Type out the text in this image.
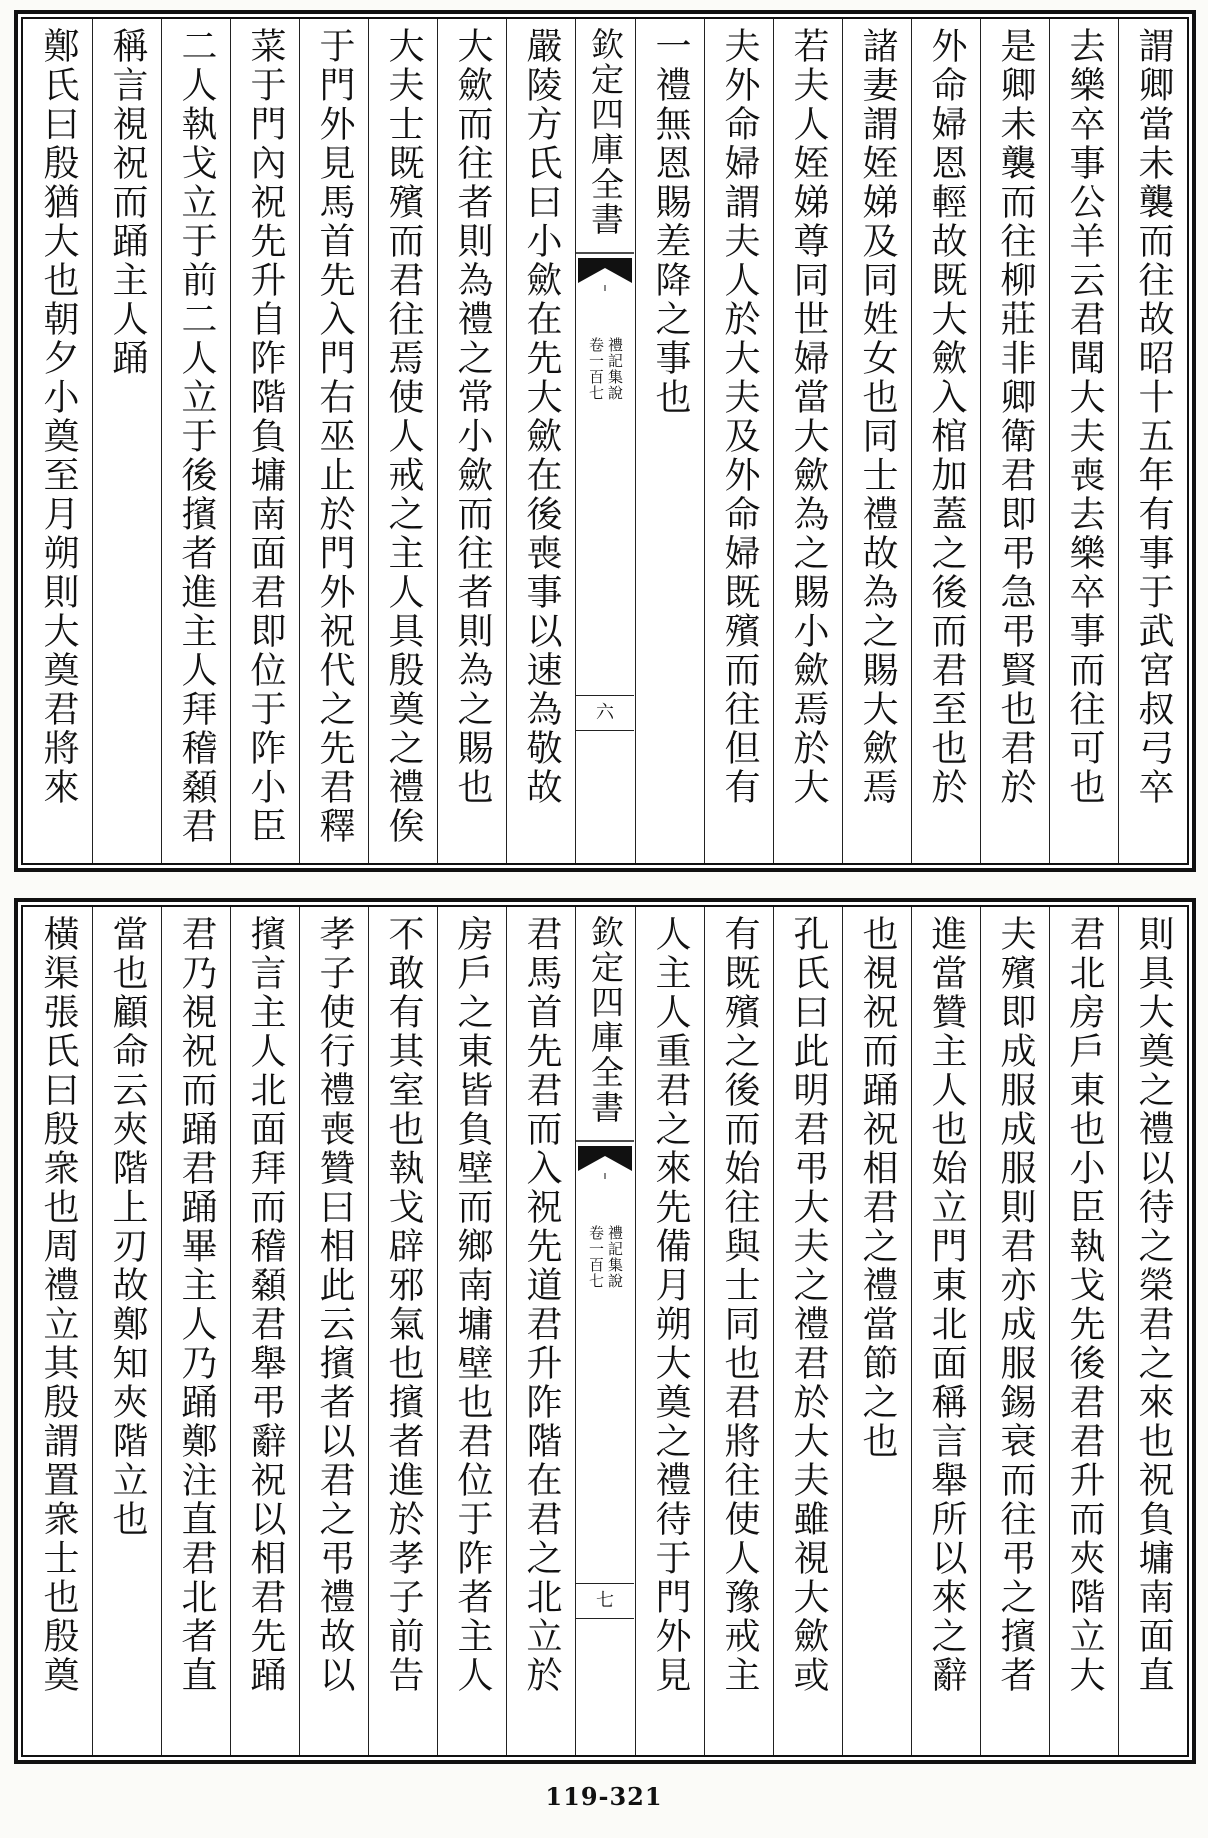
謂卿當未襲而往故昭十五年有事于武宮叔弓卒
去樂卒事公羊云君聞大夫喪去樂卒事而往可也
是卿未襲而往柳莊非卿衛君即弔急弔賢也君於
外命婦恩輕故既大歛入棺加蓋之後而君至也於
諸妻謂姪娣及同姓女也同士禮故為之賜大歛焉
若夫人姪娣尊同世婦當大歛為之賜小歛焉於大
夫外命婦謂夫人於大夫及外命婦既殯而往但有
一禮無恩賜差降之事也
欽定四庫全書
禮記集說
卷一百七
六
嚴陵方氏曰小歛在先大歛在後喪事以速為敬故
大歛而往者則為禮之常小歛而往者則為之賜也
大夫士既殯而君往焉使人戒之主人具殷奠之禮俟
于門外見馬首先入門右巫止於門外祝代之先君釋
菜于門內祝先升自阼階負墉南面君即位于阼小臣
二人執戈立于前二人立于後擯者進主人拜稽顙君
稱言視祝而踊主人踊
鄭氏曰殷猶大也朝夕小奠至月朔則大奠君將來
則具大奠之禮以待之榮君之來也祝負墉南面直
君北房戶東也小臣執戈先後君君升而夾階立大
夫殯即成服成服則君亦成服錫衰而往弔之擯者
進當贊主人也始立門東北面稱言舉所以來之辭
也視祝而踊祝相君之禮當節之也
孔氏曰此明君弔大夫之禮君於大夫雖視大歛或
有既殯之後而始往與士同也君將往使人豫戒主
人主人重君之來先備月朔大奠之禮待于門外見
欽定四庫全書
禮記集說
卷一百七
七
君馬首先君而入祝先道君升阼階在君之北立於
房戶之東皆負壁而鄉南墉壁也君位于阼者主人
不敢有其室也執戈辟邪氣也擯者進於孝子前告
孝子使行禮喪贊曰相此云擯者以君之弔禮故以
擯言主人北面拜而稽顙君舉弔辭祝以相君先踊
君乃視祝而踊君踊畢主人乃踊鄭注直君北者直
當也顧命云夾階上刃故鄭知夾階立也
橫渠張氏曰殷衆也周禮立其殷謂置衆士也殷奠
119-321
